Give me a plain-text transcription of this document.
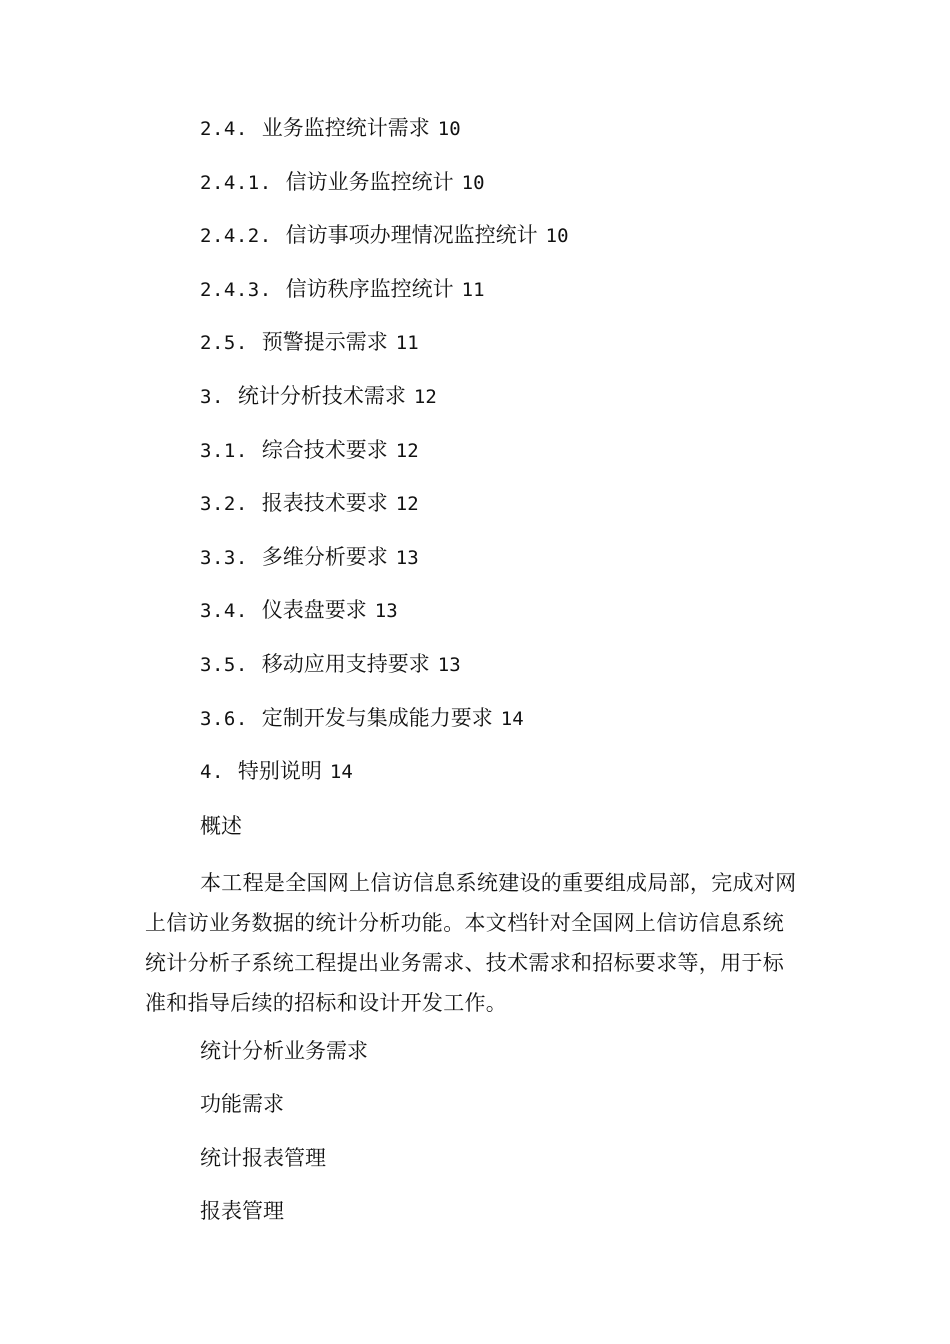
2.4. 业务监控统计需求 10
2.4.1. 信访业务监控统计 10
2.4.2. 信访事项办理情况监控统计 10
2.4.3. 信访秩序监控统计 11
2.5. 预警提示需求 11
3. 统计分析技术需求 12
3.1. 综合技术要求 12
3.2. 报表技术要求 12
3.3. 多维分析要求 13
3.4. 仪表盘要求 13
3.5. 移动应用支持要求 13
3.6. 定制开发与集成能力要求 14
4. 特别说明 14
概述

本工程是全国网上信访信息系统建设的重要组成局部，完成对网上信访业务数据的统计分析功能。本文档针对全国网上信访信息系统统计分析子系统工程提出业务需求、技术需求和招标要求等，用于标准和指导后续的招标和设计开发工作。

统计分析业务需求
功能需求
统计报表管理
报表管理
